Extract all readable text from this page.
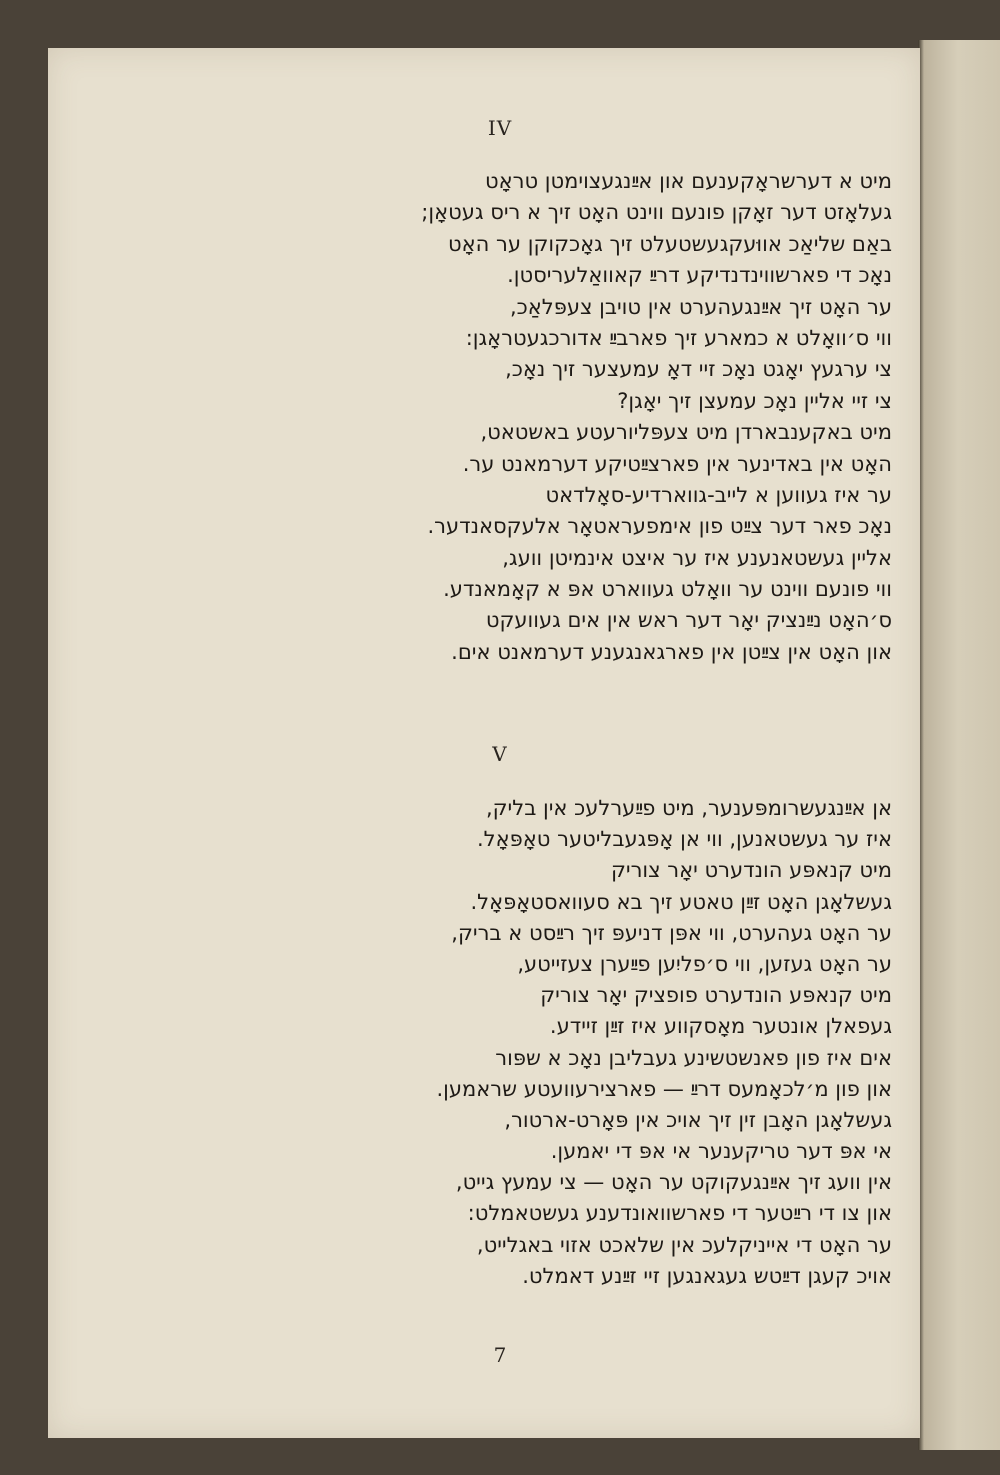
IV
מיט א דערשראָקענעם און אײַנגעצוימטן טראָט
געלאָזט דער זאָקן פונעם ווינט האָט זיך א ריס געטאָן;
באַם שליאַכ אווּעקגעשטעלט זיך גאָכקוקן ער האָט
נאָכ די פארשווינדנדיקע דרײַ קאוואַלעריסטן.
ער האָט זיך אײַנגעהערט אין טויבן צעפּלאַכ,
ווי ס׳וואָלט א כמארע זיך פארבײַ אדורכגעטראָגן:
צי ערגעץ יאָגט נאָכ זיי דאָ עמעצער זיך נאָכ,
צי זיי אליין נאָכ עמעצן זיך יאָגן?
מיט באקענבארדן מיט צעפּליורעטע באשטאט,
האָט אין באדינער אין פארצײַטיקע דערמאנט ער.
ער איז געווען א לייב-גווארדיע-סאָלדאט
נאָכ פאר דער צײַט פון אימפעראטאָר אלעקסאנדער.
אליין געשטאנענע איז ער איצט אינמיטן וועג,
ווי פונעם ווינט ער וואָלט געווארט אפּ א קאָמאנדע.
ס׳האָט נײַנציק יאָר דער ראש אין אים געוועקט
און האָט אין צײַטן אין פארגאנגענע דערמאנט אים.
V
אן אײַנגעשרומפּענער, מיט פײַערלעכ אין בליק,
איז ער געשטאנען, ווי אן אָפּגעבליטער טאָפּאָל.
מיט קנאפּע הונדערט יאָר צוריק
געשלאָגן האָט זײַן טאטע זיך בא סעוואסטאָפּאָל.
ער האָט געהערט, ווי אפּן דניעפּ זיך רײַסט א בריק,
ער האָט געזען, ווי ס׳פליִען פײַערן צעזייטע,
מיט קנאפּע הונדערט פופציק יאָר צוריק
געפאלן אונטער מאָסקווע איז זײַן זיידע.
אים איז פון פאנשטשינע געבליבן נאָכ א שפּור
און פון מ׳לכאָמעס דרײַ — פארצירעוועטע שראמען.
געשלאָגן האָבן זין זיך אויכ אין פּאָרט-ארטור,
אי אפּ דער טריקענער אי אפּ די יאמען.
אין וועג זיך אײַנגעקוקט ער האָט — צי עמעץ גייט,
און צו די רײַטער די פארשוואונדענע געשטאמלט:
ער האָט די אייניקלעכ אין שלאכט אזוי באגלייט,
אויכ קעגן דײַטש געגאנגען זיי זײַנע דאמלט.
7
